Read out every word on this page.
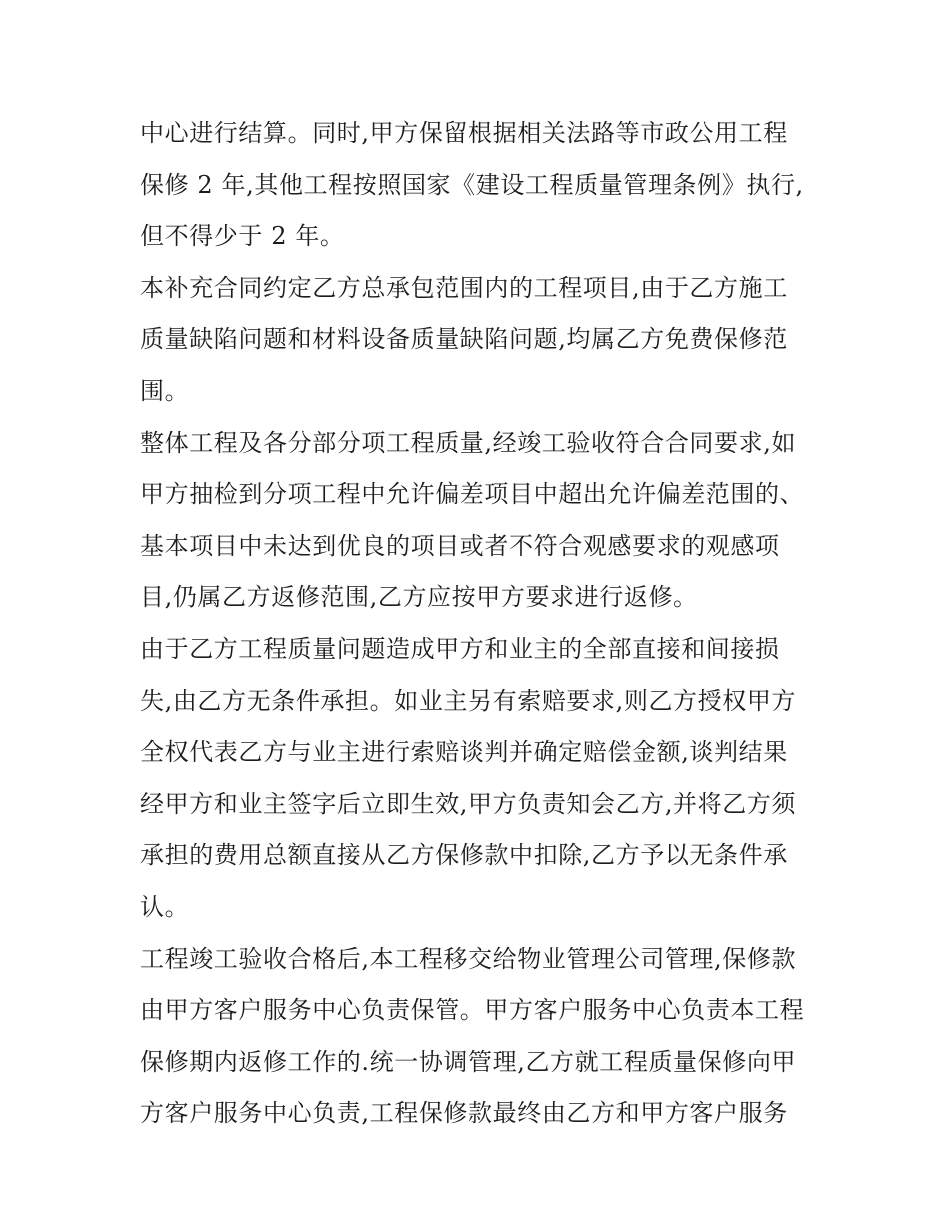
中心进行结算。同时,甲方保留根据相关法路等市政公用工程
保修 2 年,其他工程按照国家《建设工程质量管理条例》执行,
但不得少于 2 年。
本补充合同约定乙方总承包范围内的工程项目,由于乙方施工
质量缺陷问题和材料设备质量缺陷问题,均属乙方免费保修范
围。
整体工程及各分部分项工程质量,经竣工验收符合合同要求,如
甲方抽检到分项工程中允许偏差项目中超出允许偏差范围的、
基本项目中未达到优良的项目或者不符合观感要求的观感项
目,仍属乙方返修范围,乙方应按甲方要求进行返修。
由于乙方工程质量问题造成甲方和业主的全部直接和间接损
失,由乙方无条件承担。如业主另有索赔要求,则乙方授权甲方
全权代表乙方与业主进行索赔谈判并确定赔偿金额,谈判结果
经甲方和业主签字后立即生效,甲方负责知会乙方,并将乙方须
承担的费用总额直接从乙方保修款中扣除,乙方予以无条件承
认。
工程竣工验收合格后,本工程移交给物业管理公司管理,保修款
由甲方客户服务中心负责保管。甲方客户服务中心负责本工程
保修期内返修工作的.统一协调管理,乙方就工程质量保修向甲
方客户服务中心负责,工程保修款最终由乙方和甲方客户服务
